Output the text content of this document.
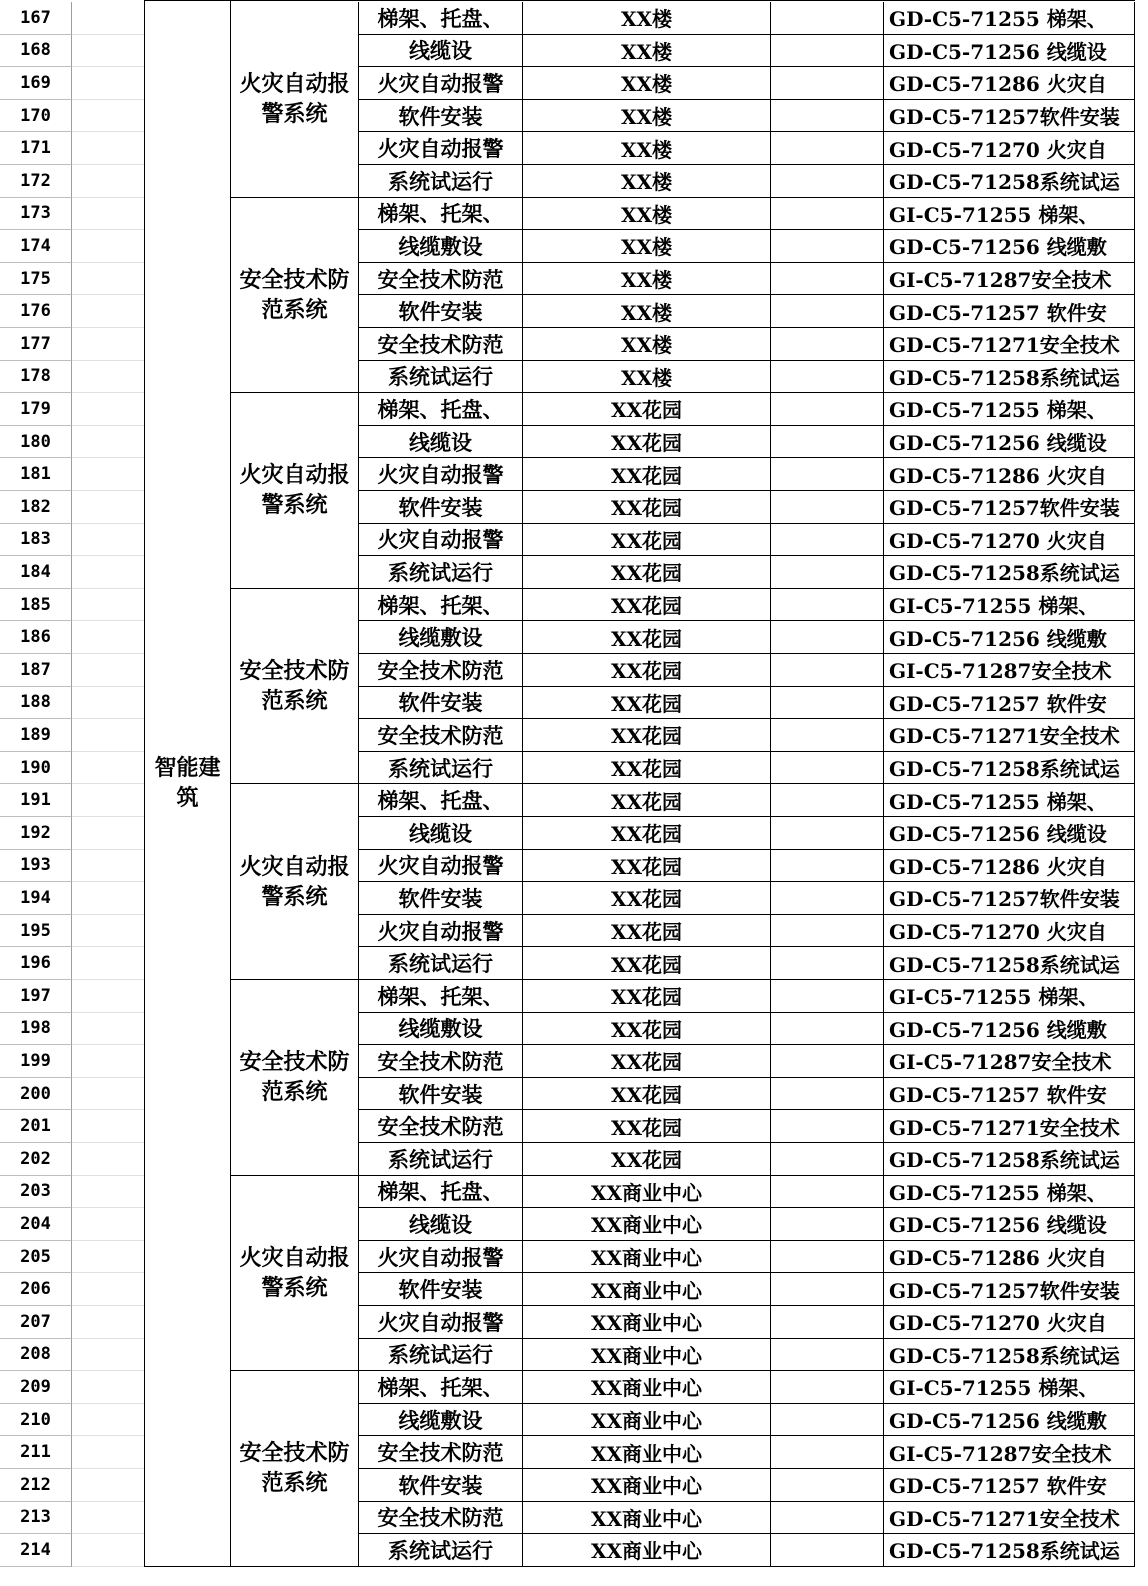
火灾自动报警系统
167	梯架、托盘、	XX楼	GD-C5-71255 梯架、
168	线缆设	XX楼	GD-C5-71256 线缆设
169	火灾自动报警	XX楼	GD-C5-71286 火灾自
170	软件安装	XX楼	GD-C5-71257软件安装
171	火灾自动报警	XX楼	GD-C5-71270 火灾自
172	系统试运行	XX楼	GD-C5-71258系统试运
安全技术防范系统
173	梯架、托架、	XX楼	GI-C5-71255 梯架、
174	线缆敷设	XX楼	GD-C5-71256 线缆敷
175	安全技术防范	XX楼	GI-C5-71287安全技术
176	软件安装	XX楼	GD-C5-71257 软件安
177	安全技术防范	XX楼	GD-C5-71271安全技术
178	系统试运行	XX楼	GD-C5-71258系统试运
火灾自动报警系统
179	梯架、托盘、	XX花园	GD-C5-71255 梯架、
180	线缆设	XX花园	GD-C5-71256 线缆设
181	火灾自动报警	XX花园	GD-C5-71286 火灾自
182	软件安装	XX花园	GD-C5-71257软件安装
183	火灾自动报警	XX花园	GD-C5-71270 火灾自
184	系统试运行	XX花园	GD-C5-71258系统试运
安全技术防范系统
185	梯架、托架、	XX花园	GI-C5-71255 梯架、
186	线缆敷设	XX花园	GD-C5-71256 线缆敷
187	安全技术防范	XX花园	GI-C5-71287安全技术
188	软件安装	XX花园	GD-C5-71257 软件安
189	安全技术防范	XX花园	GD-C5-71271安全技术
190	系统试运行	XX花园	GD-C5-71258系统试运
火灾自动报警系统
191	梯架、托盘、	XX花园	GD-C5-71255 梯架、
192	线缆设	XX花园	GD-C5-71256 线缆设
193	火灾自动报警	XX花园	GD-C5-71286 火灾自
194	软件安装	XX花园	GD-C5-71257软件安装
195	火灾自动报警	XX花园	GD-C5-71270 火灾自
196	系统试运行	XX花园	GD-C5-71258系统试运
安全技术防范系统
197	梯架、托架、	XX花园	GI-C5-71255 梯架、
198	线缆敷设	XX花园	GD-C5-71256 线缆敷
199	安全技术防范	XX花园	GI-C5-71287安全技术
200	软件安装	XX花园	GD-C5-71257 软件安
201	安全技术防范	XX花园	GD-C5-71271安全技术
202	系统试运行	XX花园	GD-C5-71258系统试运
火灾自动报警系统
203	梯架、托盘、	XX商业中心	GD-C5-71255 梯架、
204	线缆设	XX商业中心	GD-C5-71256 线缆设
205	火灾自动报警	XX商业中心	GD-C5-71286 火灾自
206	软件安装	XX商业中心	GD-C5-71257软件安装
207	火灾自动报警	XX商业中心	GD-C5-71270 火灾自
208	系统试运行	XX商业中心	GD-C5-71258系统试运
安全技术防范系统
209	梯架、托架、	XX商业中心	GI-C5-71255 梯架、
210	线缆敷设	XX商业中心	GD-C5-71256 线缆敷
211	安全技术防范	XX商业中心	GI-C5-71287安全技术
212	软件安装	XX商业中心	GD-C5-71257 软件安
213	安全技术防范	XX商业中心	GD-C5-71271安全技术
214	系统试运行	XX商业中心	GD-C5-71258系统试运
智能建筑
